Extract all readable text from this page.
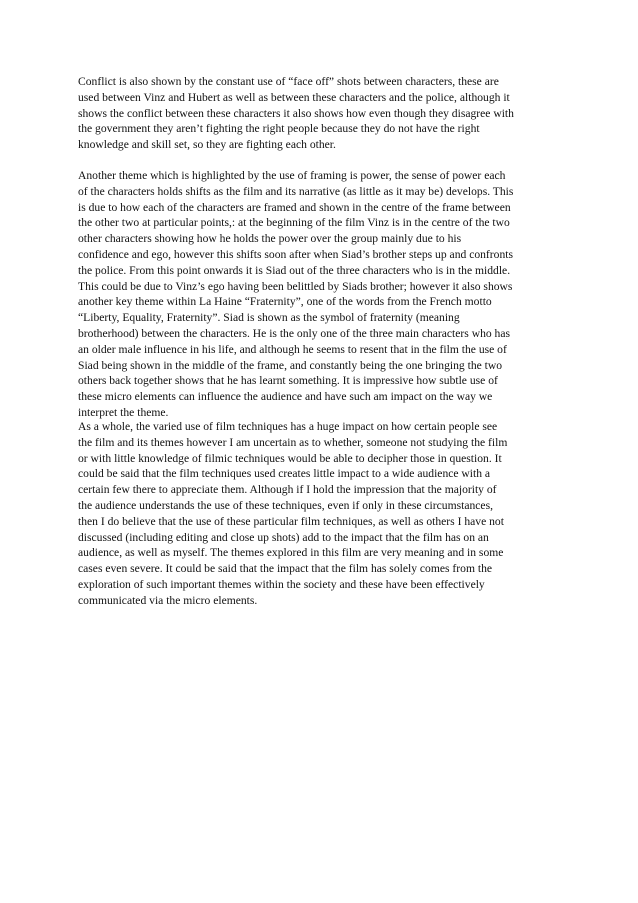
Conflict is also shown by the constant use of “face off” shots between characters, these are
used between Vinz and Hubert as well as between these characters and the police, although it
shows the conflict between these characters it also shows how even though they disagree with
the government they aren’t fighting the right people because they do not have the right
knowledge and skill set, so they are fighting each other.
Another theme which is highlighted by the use of framing is power, the sense of power each
of the characters holds shifts as the film and its narrative (as little as it may be) develops. This
is due to how each of the characters are framed and shown in the centre of the frame between
the other two at particular points,: at the beginning of the film Vinz is in the centre of the two
other characters showing how he holds the power over the group mainly due to his
confidence and ego, however this shifts soon after when Siad’s brother steps up and confronts
the police. From this point onwards it is Siad out of the three characters who is in the middle.
This could be due to Vinz’s ego having been belittled by Siads brother; however it also shows
another key theme within La Haine “Fraternity”, one of the words from the French motto
“Liberty, Equality, Fraternity”. Siad is shown as the symbol of fraternity (meaning
brotherhood) between the characters. He is the only one of the three main characters who has
an older male influence in his life, and although he seems to resent that in the film the use of
Siad being shown in the middle of the frame, and constantly being the one bringing the two
others back together shows that he has learnt something. It is impressive how subtle use of
these micro elements can influence the audience and have such am impact on the way we
interpret the theme.
As a whole, the varied use of film techniques has a huge impact on how certain people see
the film and its themes however I am uncertain as to whether, someone not studying the film
or with little knowledge of filmic techniques would be able to decipher those in question. It
could be said that the film techniques used creates little impact to a wide audience with a
certain few there to appreciate them. Although if I hold the impression that the majority of
the audience understands the use of these techniques, even if only in these circumstances,
then I do believe that the use of these particular film techniques, as well as others I have not
discussed (including editing and close up shots) add to the impact that the film has on an
audience, as well as myself. The themes explored in this film are very meaning and in some
cases even severe. It could be said that the impact that the film has solely comes from the
exploration of such important themes within the society and these have been effectively
communicated via the micro elements.
